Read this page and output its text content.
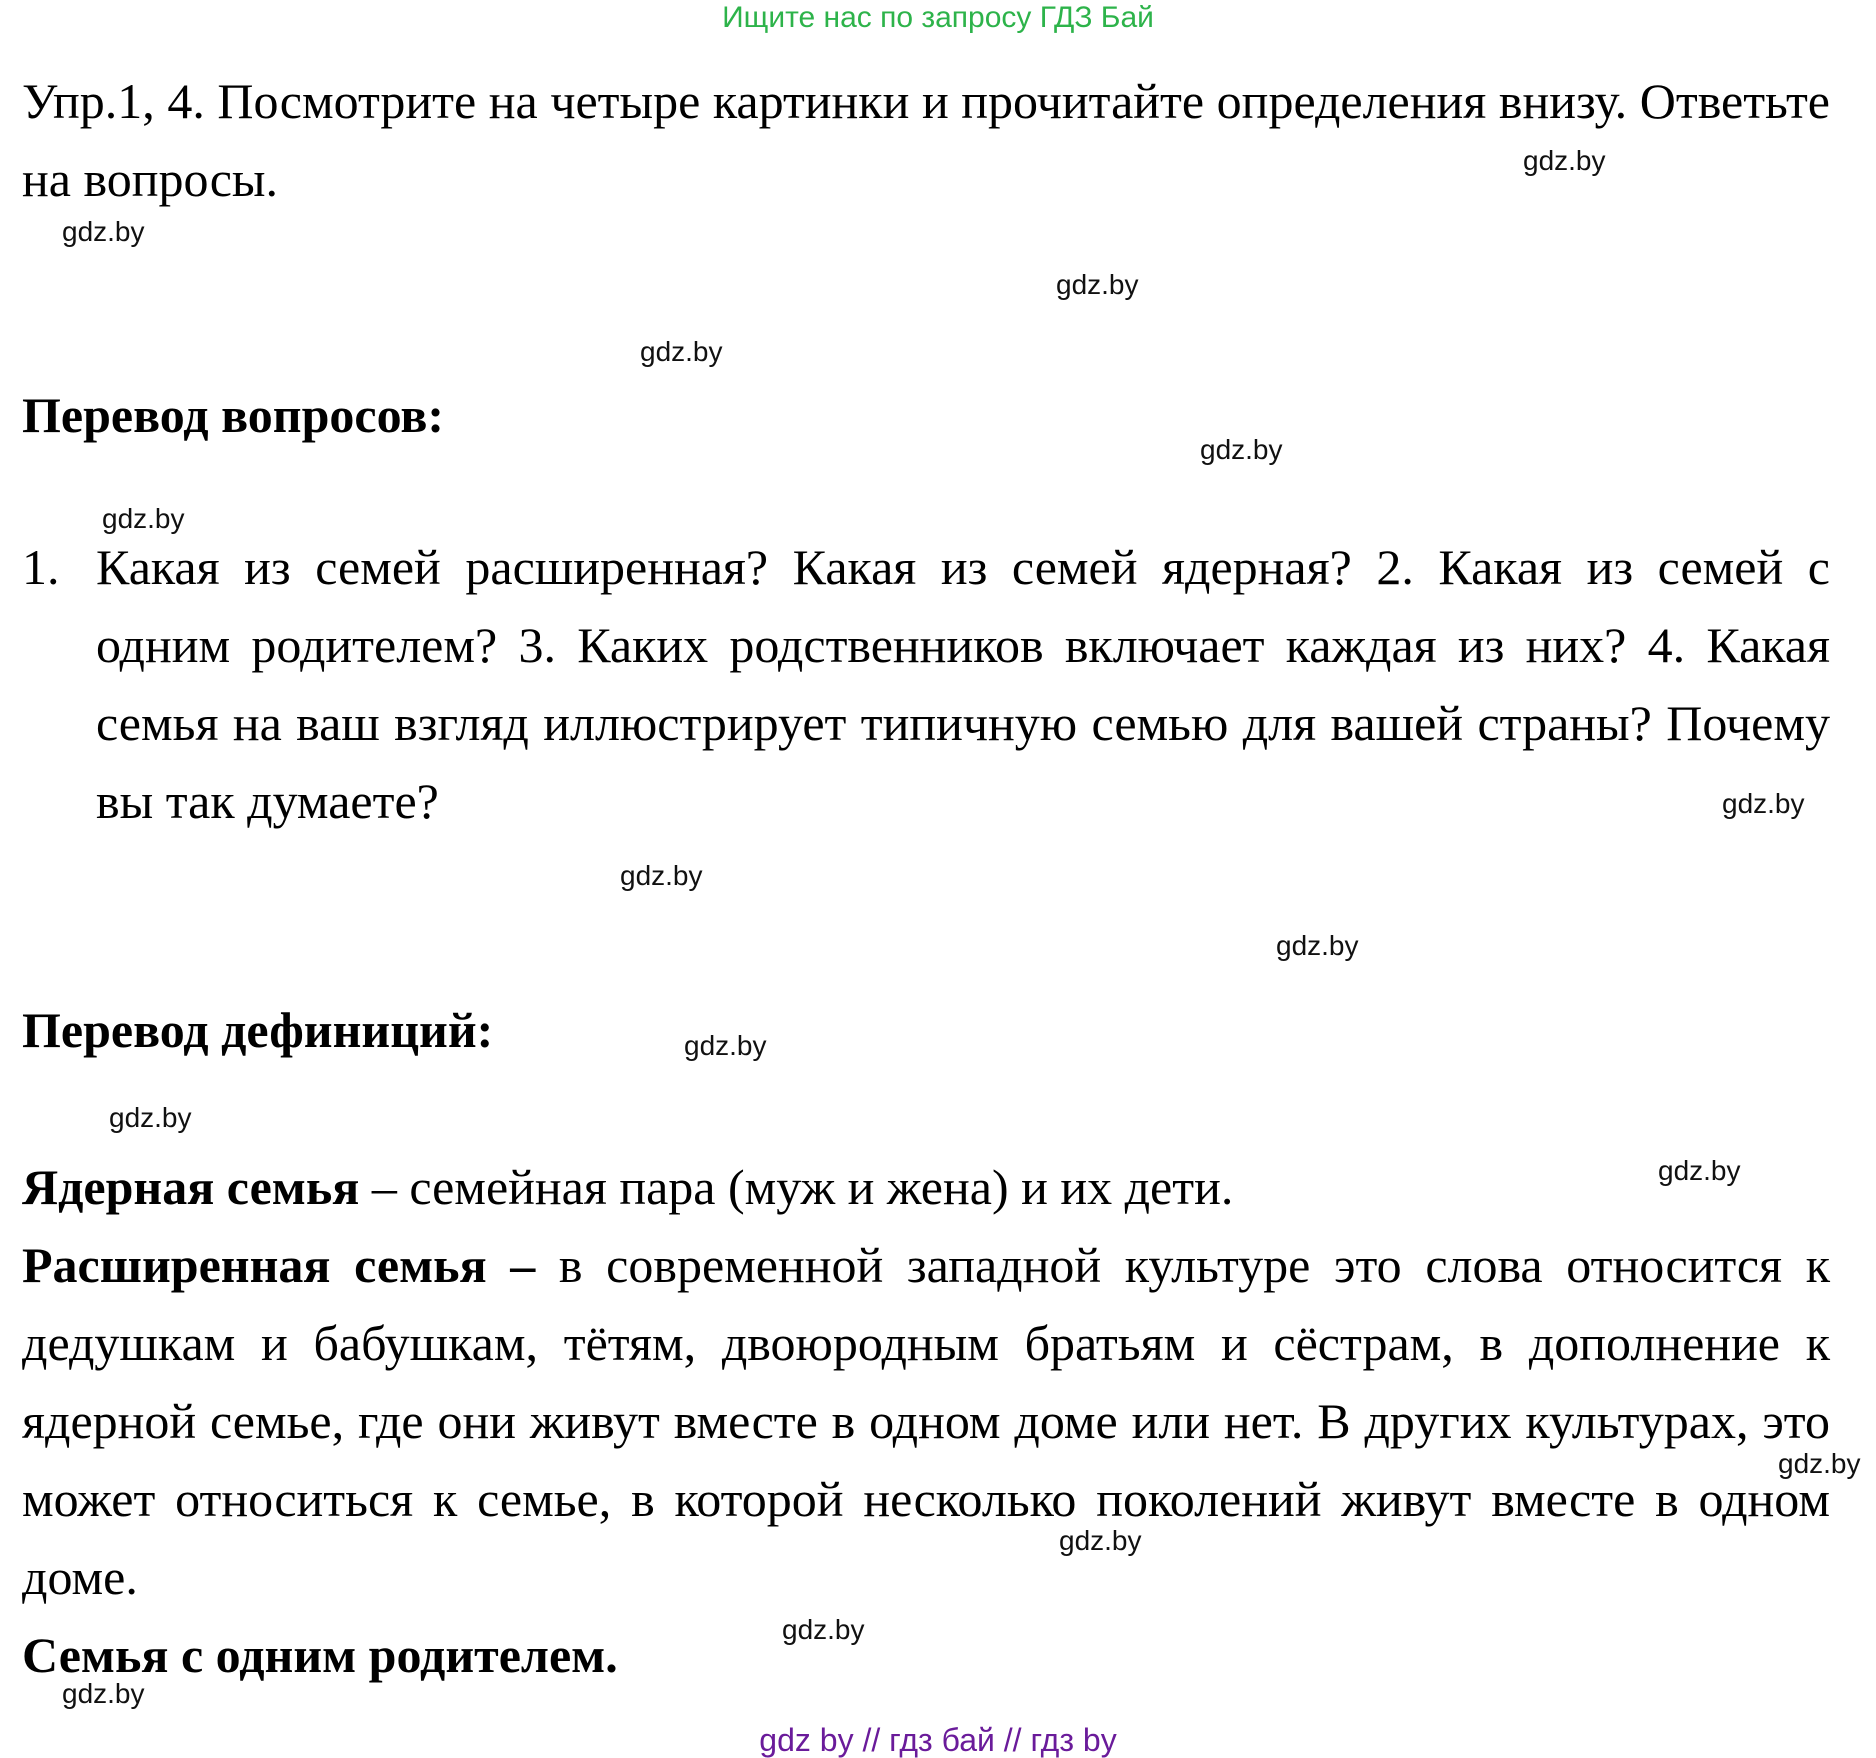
Ищите нас по запросу ГДЗ Бай

Упр.1, 4. Посмотрите на четыре картинки и прочитайте определения внизу. Ответьте на вопросы.

Перевод вопросов:
1. Какая из семей расширенная? Какая из семей ядерная? 2. Какая из семей с одним родителем? 3. Каких родственников включает каждая из них? 4. Какая семья на ваш взгляд иллюстрирует типичную семью для вашей страны? Почему вы так думаете?
Перевод дефиниций:

Ядерная семья – семейная пара (муж и жена) и их дети.

Расширенная семья – в современной западной культуре это слова относится к дедушкам и бабушкам, тётям, двоюродным братьям и сёстрам, в дополнение к ядерной семье, где они живут вместе в одном доме или нет. В других культурах, это может относиться к семье, в которой несколько поколений живут вместе в одном доме.

Семья с одним родителем.

gdz.by
gdz.by
gdz.by
gdz.by
gdz.by
gdz.by
gdz.by
gdz.by
gdz.by
gdz.by
gdz.by
gdz.by
gdz.by
gdz.by
gdz.by
gdz.by
gdz by // гдз бай // гдз by
